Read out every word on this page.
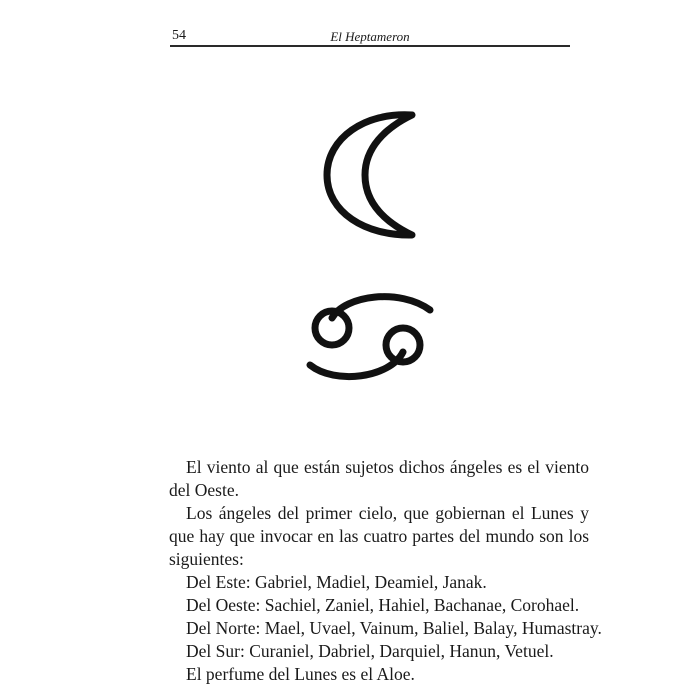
54	El Heptameron

El viento al que están sujetos dichos ángeles es el viento del Oeste.

Los ángeles del primer cielo, que gobiernan el Lunes y que hay que invocar en las cuatro partes del mundo son los siguientes:

Del Este: Gabriel, Madiel, Deamiel, Janak.
Del Oeste: Sachiel, Zaniel, Hahiel, Bachanae, Corohael.
Del Norte: Mael, Uvael, Vainum, Baliel, Balay, Humastray.
Del Sur: Curaniel, Dabriel, Darquiel, Hanun, Vetuel.
El perfume del Lunes es el Aloe.
